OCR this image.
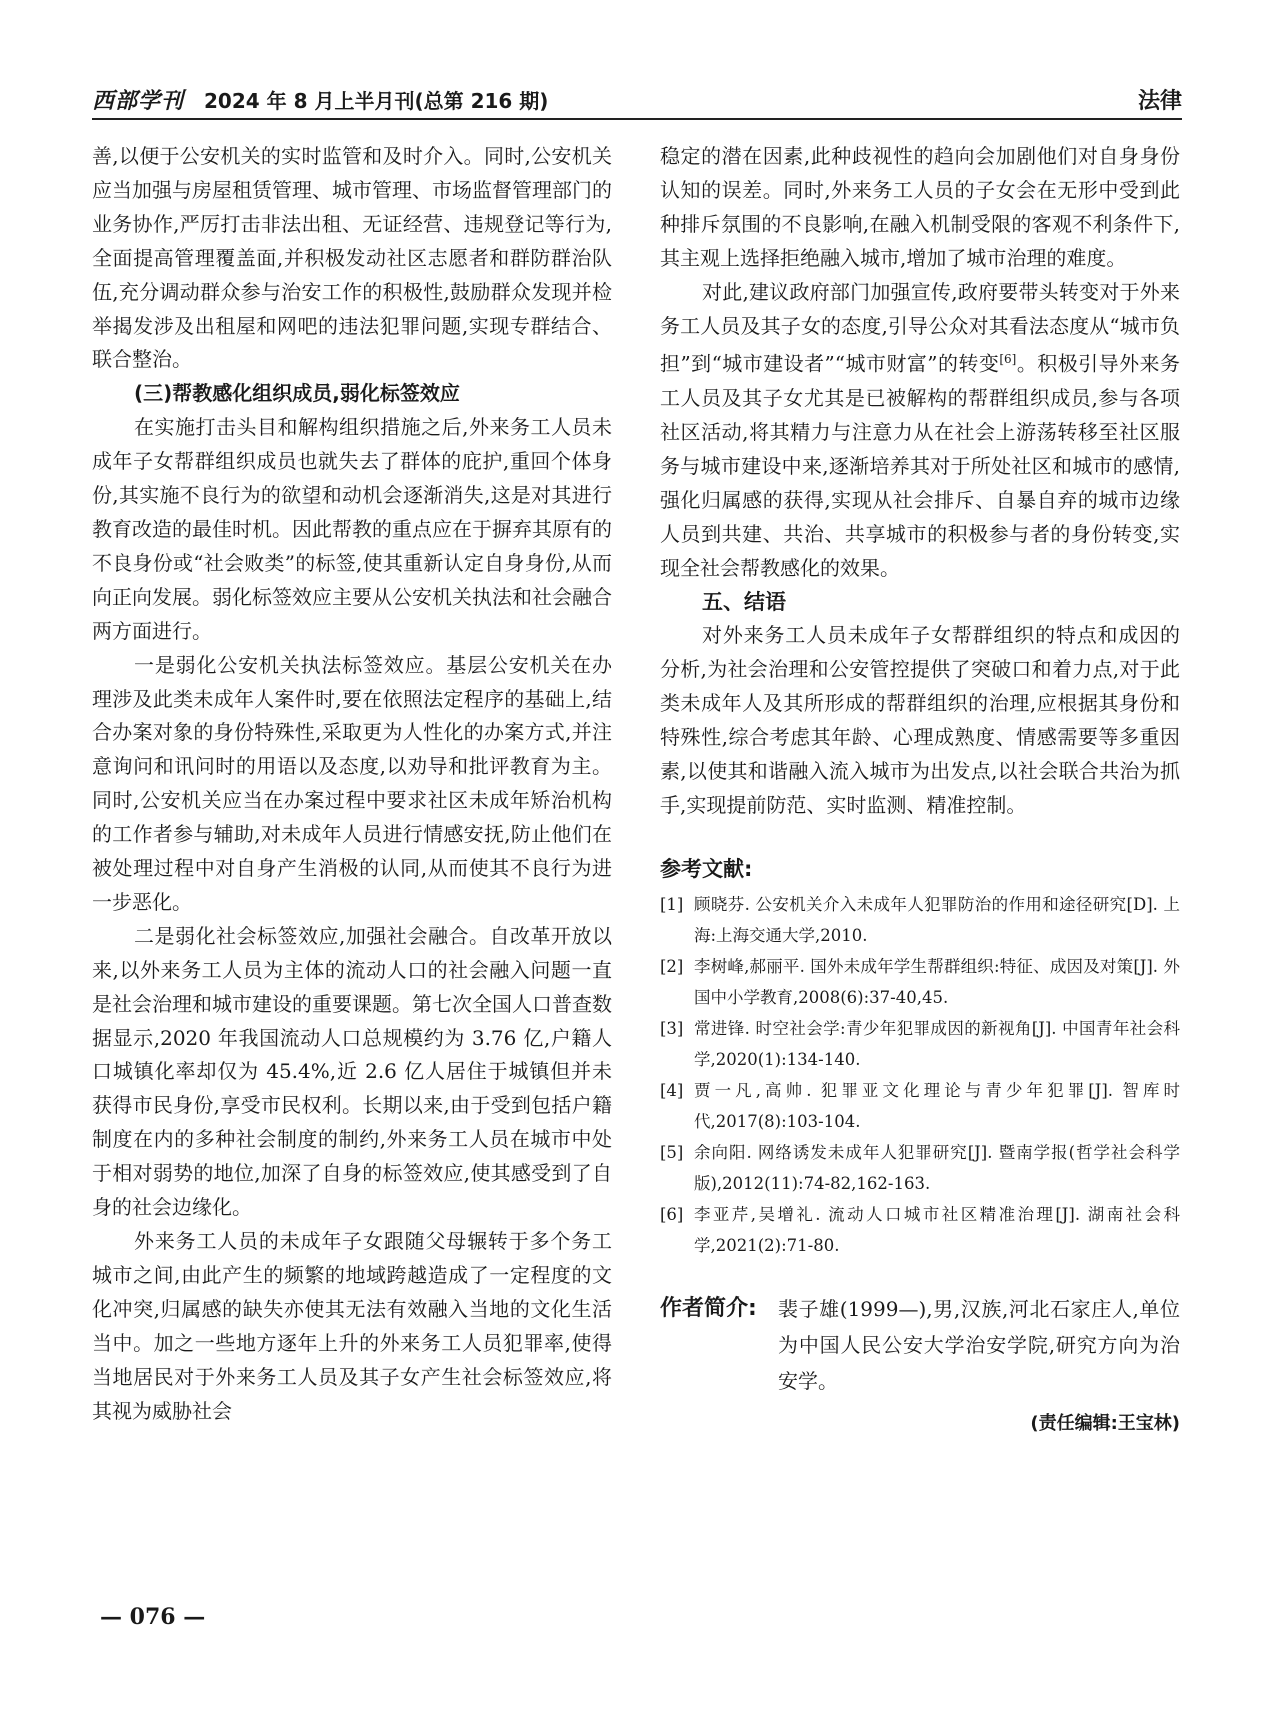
西部学刊 2024 年 8 月上半月刊(总第 216 期)	法律

善,以便于公安机关的实时监管和及时介入。同时,公安机关应当加强与房屋租赁管理、城市管理、市场监督管理部门的业务协作,严厉打击非法出租、无证经营、违规登记等行为,全面提高管理覆盖面,并积极发动社区志愿者和群防群治队伍,充分调动群众参与治安工作的积极性,鼓励群众发现并检举揭发涉及出租屋和网吧的违法犯罪问题,实现专群结合、联合整治。

(三)帮教感化组织成员,弱化标签效应

在实施打击头目和解构组织措施之后,外来务工人员未成年子女帮群组织成员也就失去了群体的庇护,重回个体身份,其实施不良行为的欲望和动机会逐渐消失,这是对其进行教育改造的最佳时机。因此帮教的重点应在于摒弃其原有的不良身份或“社会败类”的标签,使其重新认定自身身份,从而向正向发展。弱化标签效应主要从公安机关执法和社会融合两方面进行。

一是弱化公安机关执法标签效应。基层公安机关在办理涉及此类未成年人案件时,要在依照法定程序的基础上,结合办案对象的身份特殊性,采取更为人性化的办案方式,并注意询问和讯问时的用语以及态度,以劝导和批评教育为主。同时,公安机关应当在办案过程中要求社区未成年矫治机构的工作者参与辅助,对未成年人员进行情感安抚,防止他们在被处理过程中对自身产生消极的认同,从而使其不良行为进一步恶化。

二是弱化社会标签效应,加强社会融合。自改革开放以来,以外来务工人员为主体的流动人口的社会融入问题一直是社会治理和城市建设的重要课题。第七次全国人口普查数据显示,2020 年我国流动人口总规模约为 3.76 亿,户籍人口城镇化率却仅为 45.4%,近 2.6 亿人居住于城镇但并未获得市民身份,享受市民权利。长期以来,由于受到包括户籍制度在内的多种社会制度的制约,外来务工人员在城市中处于相对弱势的地位,加深了自身的标签效应,使其感受到了自身的社会边缘化。

外来务工人员的未成年子女跟随父母辗转于多个务工城市之间,由此产生的频繁的地域跨越造成了一定程度的文化冲突,归属感的缺失亦使其无法有效融入当地的文化生活当中。加之一些地方逐年上升的外来务工人员犯罪率,使得当地居民对于外来务工人员及其子女产生社会标签效应,将其视为威胁社会

稳定的潜在因素,此种歧视性的趋向会加剧他们对自身身份认知的误差。同时,外来务工人员的子女会在无形中受到此种排斥氛围的不良影响,在融入机制受限的客观不利条件下,其主观上选择拒绝融入城市,增加了城市治理的难度。

对此,建议政府部门加强宣传,政府要带头转变对于外来务工人员及其子女的态度,引导公众对其看法态度从“城市负担”到“城市建设者”“城市财富”的转变[6]。积极引导外来务工人员及其子女尤其是已被解构的帮群组织成员,参与各项社区活动,将其精力与注意力从在社会上游荡转移至社区服务与城市建设中来,逐渐培养其对于所处社区和城市的感情,强化归属感的获得,实现从社会排斥、自暴自弃的城市边缘人员到共建、共治、共享城市的积极参与者的身份转变,实现全社会帮教感化的效果。

五、结语

对外来务工人员未成年子女帮群组织的特点和成因的分析,为社会治理和公安管控提供了突破口和着力点,对于此类未成年人及其所形成的帮群组织的治理,应根据其身份和特殊性,综合考虑其年龄、心理成熟度、情感需要等多重因素,以使其和谐融入流入城市为出发点,以社会联合共治为抓手,实现提前防范、实时监测、精准控制。

参考文献:

[1] 顾晓芬. 公安机关介入未成年人犯罪防治的作用和途径研究[D]. 上海:上海交通大学,2010.

[2] 李树峰,郝丽平. 国外未成年学生帮群组织:特征、成因及对策[J]. 外国中小学教育,2008(6):37-40,45.

[3] 常进锋. 时空社会学:青少年犯罪成因的新视角[J]. 中国青年社会科学,2020(1):134-140.

[4] 贾一凡,高帅. 犯罪亚文化理论与青少年犯罪[J]. 智库时代,2017(8):103-104.

[5] 余向阳. 网络诱发未成年人犯罪研究[J]. 暨南学报(哲学社会科学版),2012(11):74-82,162-163.

[6] 李亚芹,吴增礼. 流动人口城市社区精准治理[J]. 湖南社会科学,2021(2):71-80.

作者简介: 裴子雄(1999—),男,汉族,河北石家庄人,单位为中国人民公安大学治安学院,研究方向为治安学。
(责任编辑:王宝林)
— 076 —
